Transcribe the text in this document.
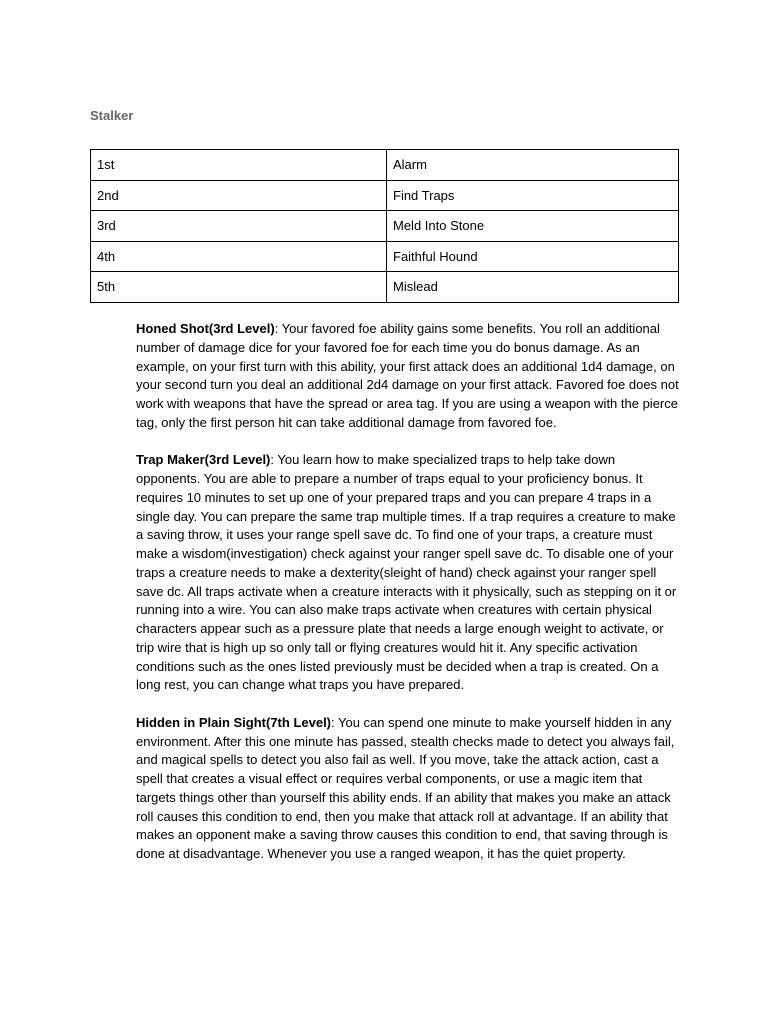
Stalker
1st	Alarm
2nd	Find Traps
3rd	Meld Into Stone
4th	Faithful Hound
5th	Mislead

Honed Shot(3rd Level): Your favored foe ability gains some benefits. You roll an additional number of damage dice for your favored foe for each time you do bonus damage. As an example, on your first turn with this ability, your first attack does an additional 1d4 damage, on your second turn you deal an additional 2d4 damage on your first attack. Favored foe does not work with weapons that have the spread or area tag. If you are using a weapon with the pierce tag, only the first person hit can take additional damage from favored foe.

Trap Maker(3rd Level): You learn how to make specialized traps to help take down opponents. You are able to prepare a number of traps equal to your proficiency bonus. It requires 10 minutes to set up one of your prepared traps and you can prepare 4 traps in a single day. You can prepare the same trap multiple times. If a trap requires a creature to make a saving throw, it uses your range spell save dc. To find one of your traps, a creature must make a wisdom(investigation) check against your ranger spell save dc. To disable one of your traps a creature needs to make a dexterity(sleight of hand) check against your ranger spell save dc. All traps activate when a creature interacts with it physically, such as stepping on it or running into a wire. You can also make traps activate when creatures with certain physical characters appear such as a pressure plate that needs a large enough weight to activate, or trip wire that is high up so only tall or flying creatures would hit it. Any specific activation conditions such as the ones listed previously must be decided when a trap is created. On a long rest, you can change what traps you have prepared.

Hidden in Plain Sight(7th Level): You can spend one minute to make yourself hidden in any environment. After this one minute has passed, stealth checks made to detect you always fail, and magical spells to detect you also fail as well. If you move, take the attack action, cast a spell that creates a visual effect or requires verbal components, or use a magic item that targets things other than yourself this ability ends. If an ability that makes you make an attack roll causes this condition to end, then you make that attack roll at advantage. If an ability that makes an opponent make a saving throw causes this condition to end, that saving through is done at disadvantage. Whenever you use a ranged weapon, it has the quiet property.
